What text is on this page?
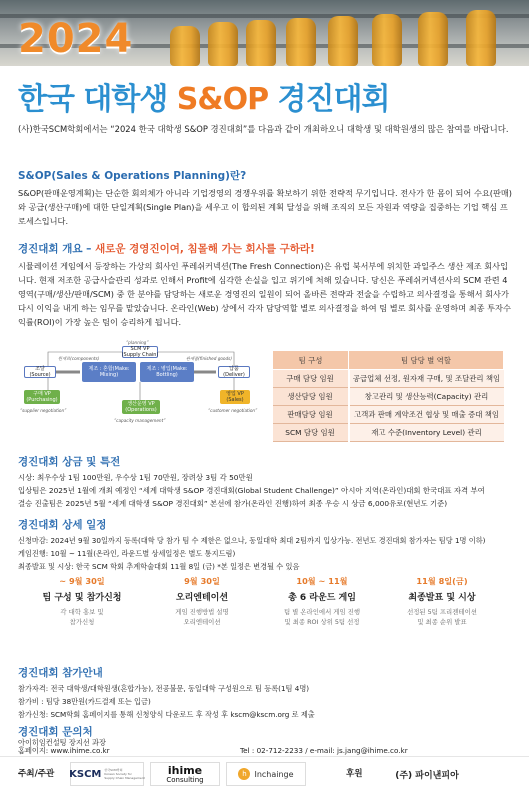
2024
한국 대학생 S&OP 경진대회
(사)한국SCM학회에서는 “2024 한국 대학생 S&OP 경진대회”를 다음과 같이 개최하오니 대학생 및 대학원생의 많은 참여를 바랍니다.
S&OP(Sales & Operations Planning)란?
S&OP(판매운영계획)는 단순한 회의체가 아니라 기업경영의 경쟁우위를 확보하기 위한 전략적 무기입니다. 전사가 한 몸이 되어 수요(판매)와 공급(생산구매)에 대한 단일계획(Single Plan)을 세우고 이 합의된 계획 달성을 위해 조직의 모든 자원과 역량을 집중하는 기업 핵심 프로세스입니다.
경진대회 개요 – 새로운 경영진이여, 침몰해 가는 회사를 구하라!
시뮬레이션 게임에서 등장하는 가상의 회사인 푸레쉬커넥션(The Fresh Connection)은 유럽 북서부에 위치한 과일주스 생산 제조 회사입니다. 현재 저조한 공급사슬관리 성과로 인해서 Profit에 심각한 손실을 입고 위기에 처해 있습니다. 당신은 푸레쉬커넥션사의 SCM 관련 4 영역(구매/생산/판매/SCM) 중 한 분야를 담당하는 새로운 경영진의 일원이 되어 올바른 전략과 전술을 수립하고 의사결정을 통해서 회사가 다시 이익을 내게 하는 임무를 맡았습니다. 온라인(Web) 상에서 각자 담당역할 별로 의사결정을 하여 팀 별로 회사를 운영하며 최종 투자수익률(ROI)이 가장 높은 팀이 승리하게 됩니다.
“planning”
SCM VP
(Supply Chain)
원재료(components)	완제품(finished goods)
조달(Source)
제조 : 혼합(Make:
Mixing)
제조 : 병입(Make:
Bottling)
납품(Deliver)
구매 VP
(Purchasing)
생산운영 VP
(Operations)
영업 VP
(Sales)
“supplier negotiation”
“capacity management”
“customer negotiation”
팀 구성	팀 담당 별 역할
구매 담당 임원	공급업체 선정, 원자재 구매, 및 조달관리 책임
생산담당 임원	창고관리 및 생산능력(Capacity) 관리
판매담당 임원	고객과 판매 계약조건 협상 및 매출 증대 책임
SCM 담당 임원	재고 수준(Inventory Level) 관리
경진대회 상금 및 특전
시상: 최우수상 1팀 100만원, 우수상 1팀 70만원, 장려상 3팀 각 50만원
입상팀은 2025년 1월에 개최 예정인 “세계 대학생 S&OP 경진대회(Global Student Challenge)” 아시아 지역(온라인)대회 한국대표 자격 부여
결승 진출팀은 2025년 5월 “세계 대학생 S&OP 경진대회” 본선에 참가(온라인 진행)하여 최종 우승 시 상금 6,000유로(현년도 기준)
경진대회 상세 일정
신청마감: 2024년 9월 30일까지 등록(대학 당 참가 팀 수 제한은 없으나, 동일대학 최대 2팀까지 입상가능. 전년도 경진대회 참가자는 팀당 1명 이하)
게임진행: 10월 ~ 11월(온라인, 라운드별 상세일정은 별도 통지드림)
최종발표 및 시상: 한국 SCM 학회 추계학술대회 11월 8일 (금) *본 일정은 변경될 수 있음
~ 9월 30일
팀 구성 및 참가신청
각 대학 홍보 및
참가신청
9월 30일
오리엔테이션
게임 진행방법 설명
오리엔테이션
10월 ~ 11월
총 6 라운드 게임
팀 별 온라인에서 게임 진행
및 최종 ROI 상위 5팀 선정
11월 8일(금)
최종발표 및 시상
선정된 5팀 프리젠테이션
및 최종 순위 발표
경진대회 참가안내
참가자격: 전국 대학생/대학원생(혼합가능), 전공불문, 동일대학 구성원으로 팀 등록(1팀 4명)
참가비 : 팀당 38만원(카드결제 또는 입금)
참가신청: SCM학회 홈페이지를 통해 신청양식 다운로드 후 작성 후 kscm@kscm.org 로 제출
경진대회 문의처
아이히임컨설팅 장지선 과장
Tel : 02-712-2233 / e-mail: js.jang@ihime.co.kr
주최/주관 KSCM 한국SCM학회
Korean Society for
Supply Chain Management
ihime
Consulting
h Inchainge	후원	(주) 파이낸피아
홈페이지: www.ihime.co.kr
